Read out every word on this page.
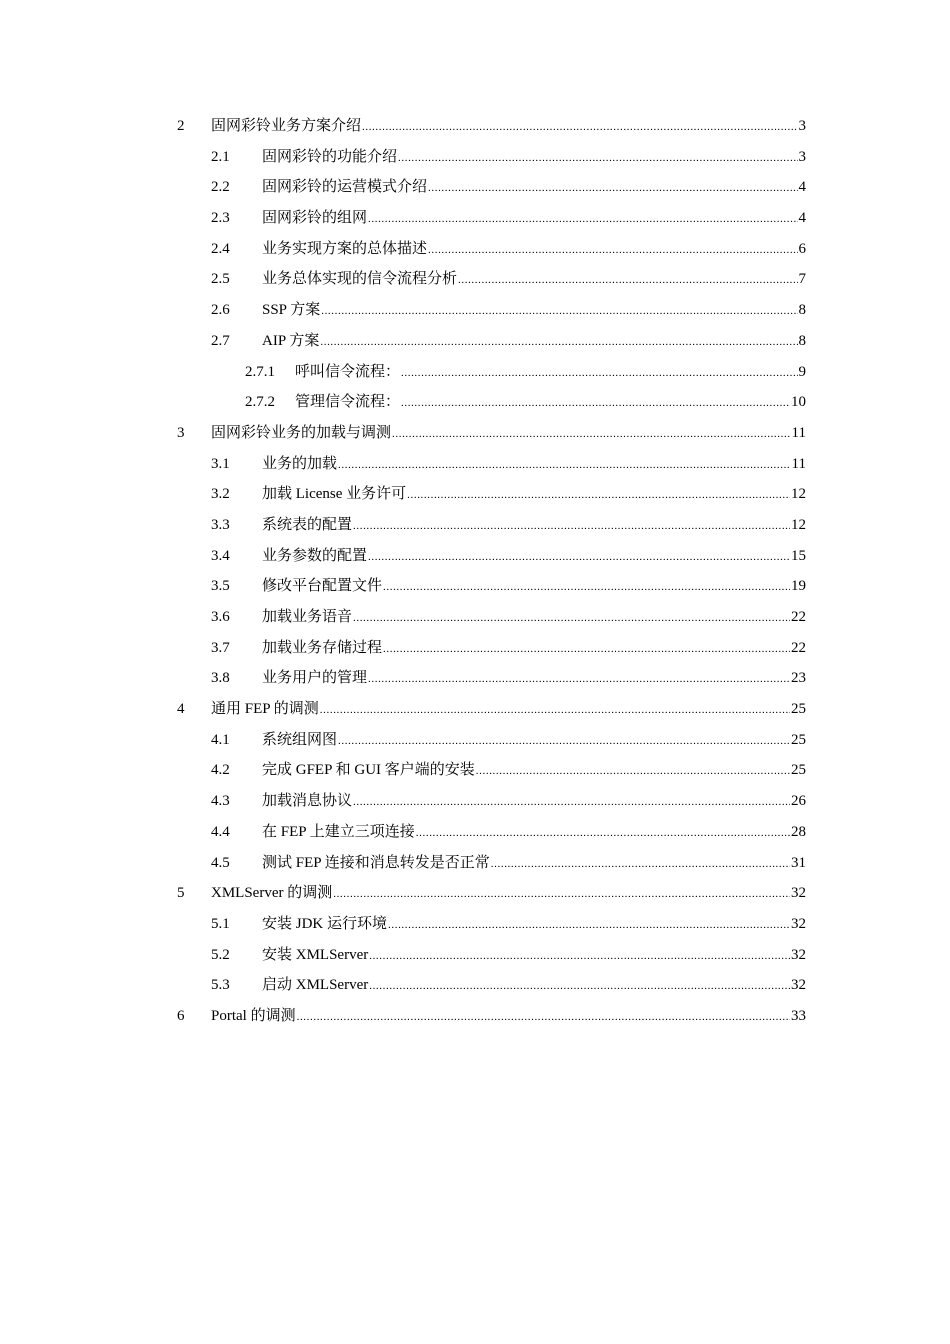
2 固网彩铃业务方案介绍 .....	3
2.1 固网彩铃的功能介绍 .....	3
2.2 固网彩铃的运营模式介绍 .....	4
2.3 固网彩铃的组网 .....	4
2.4 业务实现方案的总体描述 .....	6
2.5 业务总体实现的信令流程分析 .....	7
2.6 SSP 方案 .....	8
2.7 AIP 方案 .....	8
2.7.1 呼叫信令流程： .....	9
2.7.2 管理信令流程： .....	10
3 固网彩铃业务的加载与调测 .....	11
3.1 业务的加载 .....	11
3.2 加载 License 业务许可 .....	12
3.3 系统表的配置 .....	12
3.4 业务参数的配置 .....	15
3.5 修改平台配置文件 .....	19
3.6 加载业务语音 .....	22
3.7 加载业务存储过程 .....	22
3.8 业务用户的管理 .....	23
4 通用 FEP 的调测 .....	25
4.1 系统组网图 .....	25
4.2 完成 GFEP 和 GUI 客户端的安装 .....	25
4.3 加载消息协议 .....	26
4.4 在 FEP 上建立三项连接 .....	28
4.5 测试 FEP 连接和消息转发是否正常 .....	31
5 XMLServer 的调测 .....	32
5.1 安装 JDK 运行环境 .....	32
5.2 安装 XMLServer .....	32
5.3 启动 XMLServer .....	32
6 Portal 的调测 .....	33
